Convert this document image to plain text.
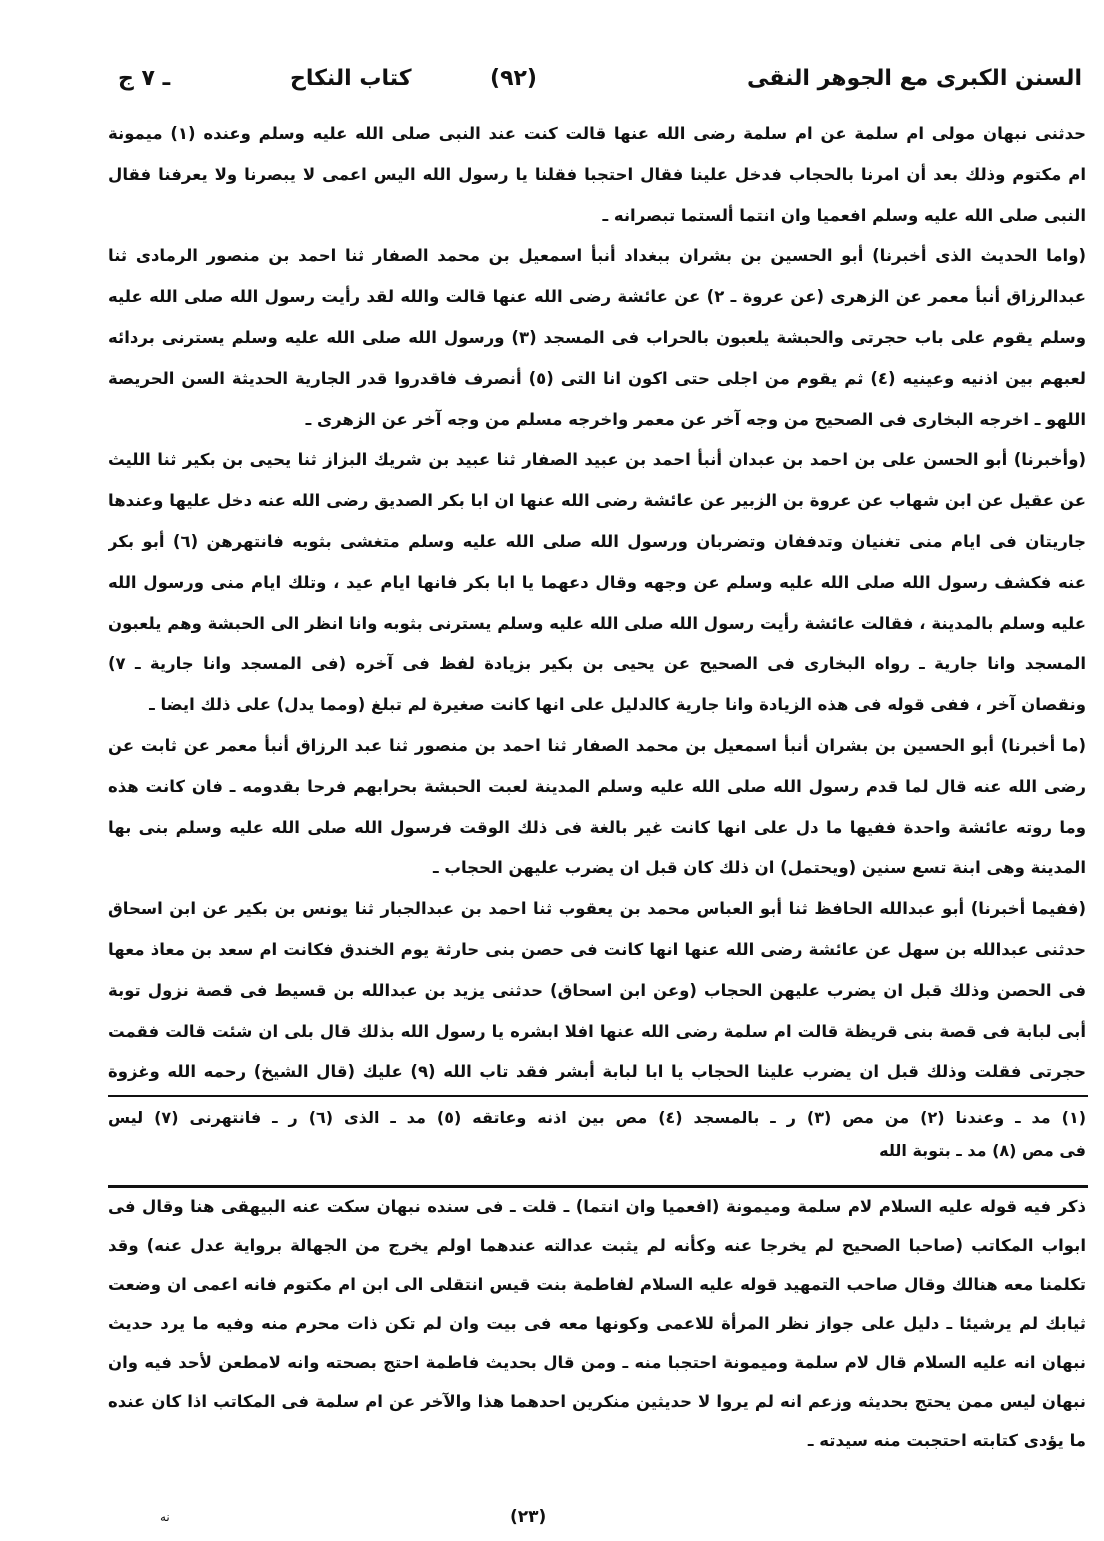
السنن الكبرى مع الجوهر النقى
(٩٢)
كتاب النكاح
ـ ٧ ج
حدثنى نبهان مولى ام سلمة عن ام سلمة رضى الله عنها قالت كنت عند النبى صلى الله عليه وسلم وعنده (١) ميمونة
ام مكتوم وذلك بعد أن امرنا بالحجاب فدخل علينا فقال احتجبا فقلنا يا رسول الله اليس اعمى لا يبصرنا ولا يعرفنا فقال
النبى صلى الله عليه وسلم افعميا وان انتما ألستما تبصرانه ـ
(واما الحديث الذى أخبرنا) أبو الحسين بن بشران ببغداد أنبأ اسمعيل بن محمد الصفار ثنا احمد بن منصور الرمادى ثنا
عبدالرزاق أنبأ معمر عن الزهرى (عن عروة ـ ٢) عن عائشة رضى الله عنها قالت والله لقد رأيت رسول الله صلى الله عليه
وسلم يقوم على باب حجرتى والحبشة يلعبون بالحراب فى المسجد (٣) ورسول الله صلى الله عليه وسلم يسترنى بردائه
لعبهم بين اذنيه وعينيه (٤) ثم يقوم من اجلى حتى اكون انا التى (٥) أنصرف فاقدروا قدر الجارية الحديثة السن الحريصة
اللهو ـ اخرجه البخارى فى الصحيح من وجه آخر عن معمر واخرجه مسلم من وجه آخر عن الزهرى ـ
(وأخبرنا) أبو الحسن على بن احمد بن عبدان أنبأ احمد بن عبيد الصفار ثنا عبيد بن شريك البزاز ثنا يحيى بن بكير ثنا الليث
عن عقيل عن ابن شهاب عن عروة بن الزبير عن عائشة رضى الله عنها ان ابا بكر الصديق رضى الله عنه دخل عليها وعندها
جاريتان فى ايام منى تغنيان وتدففان وتضربان ورسول الله صلى الله عليه وسلم متغشى بثوبه فانتهرهن (٦) أبو بكر
عنه فكشف رسول الله صلى الله عليه وسلم عن وجهه وقال دعهما يا ابا بكر فانها ايام عيد ، وتلك ايام منى ورسول الله
عليه وسلم بالمدينة ، فقالت عائشة رأيت رسول الله صلى الله عليه وسلم يسترنى بثوبه وانا انظر الى الحبشة وهم يلعبون
المسجد وانا جارية ـ رواه البخارى فى الصحيح عن يحيى بن بكير بزيادة لفظ فى آخره (فى المسجد وانا جارية ـ ٧)
ونقصان آخر ، ففى قوله فى هذه الزيادة وانا جارية كالدليل على انها كانت صغيرة لم تبلغ (ومما يدل) على ذلك ايضا ـ
(ما أخبرنا) أبو الحسين بن بشران أنبأ اسمعيل بن محمد الصفار ثنا احمد بن منصور ثنا عبد الرزاق أنبأ معمر عن ثابت عن
رضى الله عنه قال لما قدم رسول الله صلى الله عليه وسلم المدينة لعبت الحبشة بحرابهم فرحا بقدومه ـ فان كانت هذه
وما روته عائشة واحدة ففيها ما دل على انها كانت غير بالغة فى ذلك الوقت فرسول الله صلى الله عليه وسلم بنى بها
المدينة وهى ابنة تسع سنين (ويحتمل) ان ذلك كان قبل ان يضرب عليهن الحجاب ـ
(ففيما أخبرنا) أبو عبدالله الحافظ ثنا أبو العباس محمد بن يعقوب ثنا احمد بن عبدالجبار ثنا يونس بن بكير عن ابن اسحاق
حدثنى عبدالله بن سهل عن عائشة رضى الله عنها انها كانت فى حصن بنى حارثة يوم الخندق فكانت ام سعد بن معاذ معها
فى الحصن وذلك قبل ان يضرب عليهن الحجاب (وعن ابن اسحاق) حدثنى يزيد بن عبدالله بن قسيط فى قصة نزول توبة
أبى لبابة فى قصة بنى قريظة قالت ام سلمة رضى الله عنها افلا ابشره يا رسول الله بذلك قال بلى ان شئت قالت فقمت
حجرتى فقلت وذلك قبل ان يضرب علينا الحجاب يا ابا لبابة أبشر فقد تاب الله (٩) عليك (قال الشيخ) رحمه الله وغزوة
(١) مد ـ وعندنا (٢) من مص (٣) ر ـ بالمسجد (٤) مص بين اذنه وعاتقه (٥) مد ـ الذى (٦) ر ـ فانتهرنى (٧) ليس
فى مص (٨) مد ـ بتوبة الله
ذكر فيه قوله عليه السلام لام سلمة وميمونة (افعميا وان انتما) ـ قلت ـ فى سنده نبهان سكت عنه البيهقى هنا وقال فى
ابواب المكاتب (صاحبا الصحيح لم يخرجا عنه وكأنه لم يثبت عدالته عندهما اولم يخرج من الجهالة برواية عدل عنه) وقد
تكلمنا معه هنالك وقال صاحب التمهيد قوله عليه السلام لفاطمة بنت قيس انتقلى الى ابن ام مكتوم فانه اعمى ان وضعت
ثيابك لم يرشيئا ـ دليل على جواز نظر المرأة للاعمى وكونها معه فى بيت وان لم تكن ذات محرم منه وفيه ما يرد حديث
نبهان انه عليه السلام قال لام سلمة وميمونة احتجبا منه ـ ومن قال بحديث فاطمة احتج بصحته وانه لامطعن لأحد فيه وان
نبهان ليس ممن يحتج بحديثه وزعم انه لم يروا لا حديثين منكرين احدهما هذا والآخر عن ام سلمة فى المكاتب اذا كان عنده
ما يؤدى كتابته احتجبت منه سيدته ـ
(٢٣)
نه
